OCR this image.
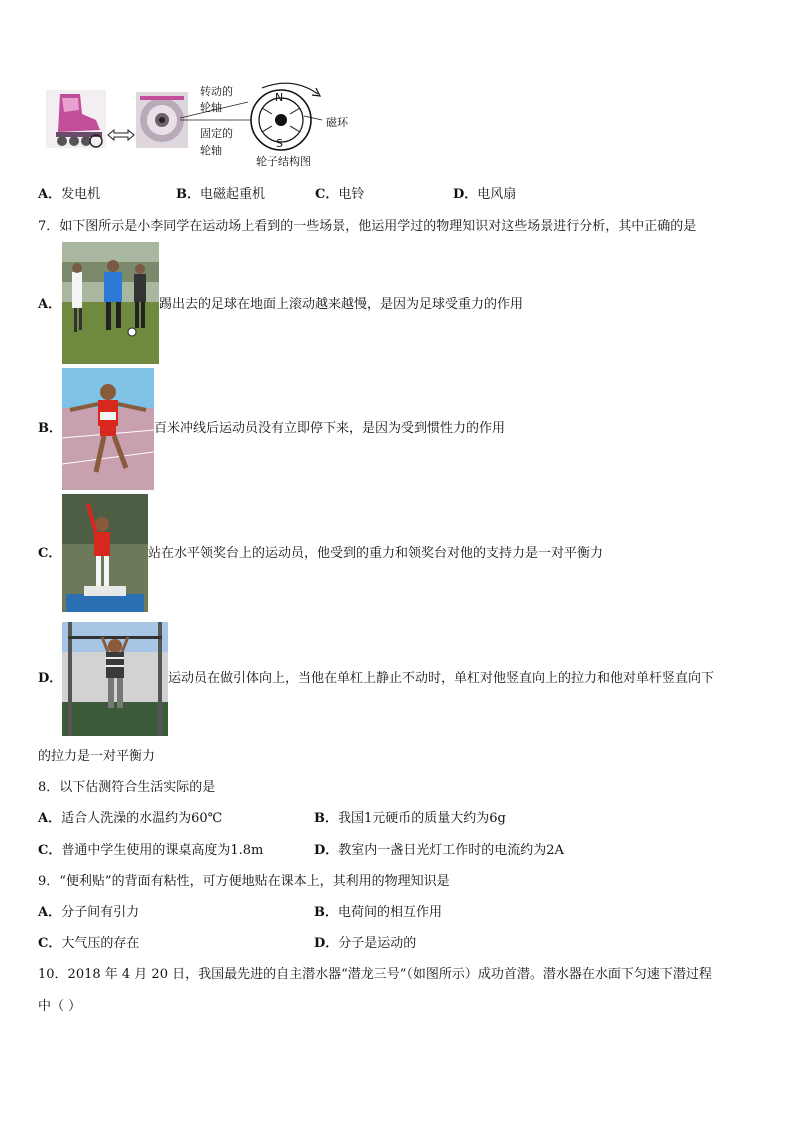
N
S
转动的
轮轴
固定的
轮轴
磁环
轮子结构图
A．发电机	B．电磁起重机	C．电铃	D．电风扇
7．如下图所示是小李同学在运动场上看到的一些场景，他运用学过的物理知识对这些场景进行分析，其中正确的是
A．	踢出去的足球在地面上滚动越来越慢，是因为足球受重力的作用
B．	百米冲线后运动员没有立即停下来，是因为受到惯性力的作用
C．	站在水平领奖台上的运动员，他受到的重力和领奖台对他的支持力是一对平衡力
D．	运动员在做引体向上，当他在单杠上静止不动时，单杠对他竖直向上的拉力和他对单杆竖直向下
的拉力是一对平衡力
8．以下估测符合生活实际的是
A．适合人洗澡的水温约为60℃	B．我国1元硬币的质量大约为6g
C．普通中学生使用的课桌高度为1.8m	D．教室内一盏日光灯工作时的电流约为2A
9．“便利贴”的背面有粘性，可方便地贴在课本上，其利用的物理知识是
A．分子间有引力	B．电荷间的相互作用
C．大气压的存在	D．分子是运动的
10．2018 年 4 月 20 日，我国最先进的自主潜水器“潜龙三号”（如图所示）成功首潜。潜水器在水面下匀速下潜过程
中（ ）
